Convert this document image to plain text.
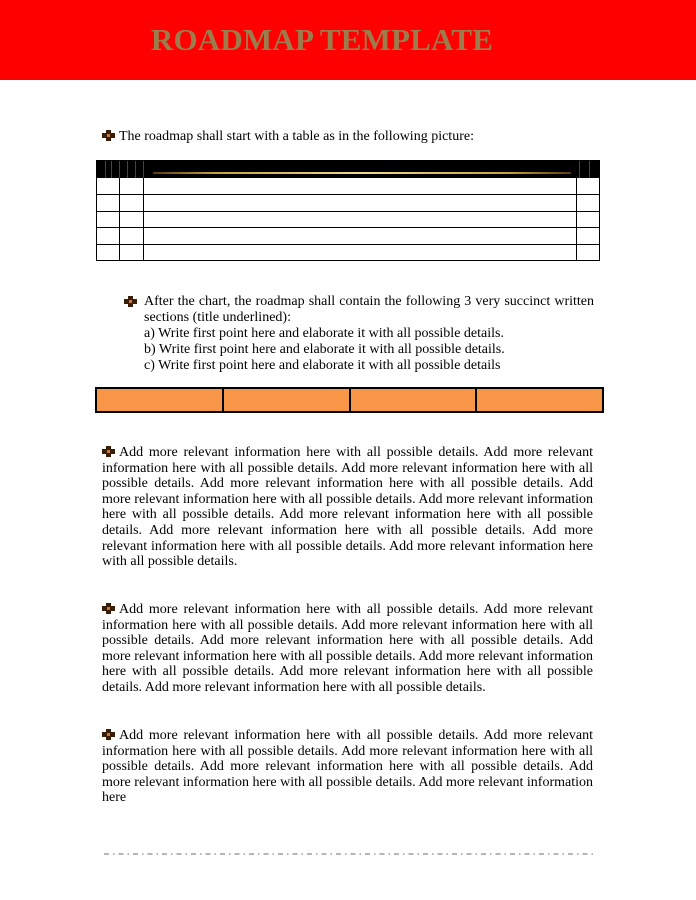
ROADMAP TEMPLATE
The roadmap shall start with a table as in the following picture:
After the chart, the roadmap shall contain the following 3 very succinct written sections (title underlined):
a) Write first point here and elaborate it with all possible details.
b) Write first point here and elaborate it with all possible details.
c) Write first point here and elaborate it with all possible details
Add more relevant information here with all possible details. Add more relevant information here with all possible details. Add more relevant information here with all possible details. Add more relevant information here with all possible details. Add more relevant information here with all possible details. Add more relevant information here with all possible details. Add more relevant information here with all possible details. Add more relevant information here with all possible details. Add more relevant information here with all possible details. Add more relevant information here with all possible details.
Add more relevant information here with all possible details. Add more relevant information here with all possible details. Add more relevant information here with all possible details. Add more relevant information here with all possible details. Add more relevant information here with all possible details. Add more relevant information here with all possible details. Add more relevant information here with all possible details. Add more relevant information here with all possible details.
Add more relevant information here with all possible details. Add more relevant information here with all possible details. Add more relevant information here with all possible details. Add more relevant information here with all possible details. Add more relevant information here with all possible details. Add more relevant information here
